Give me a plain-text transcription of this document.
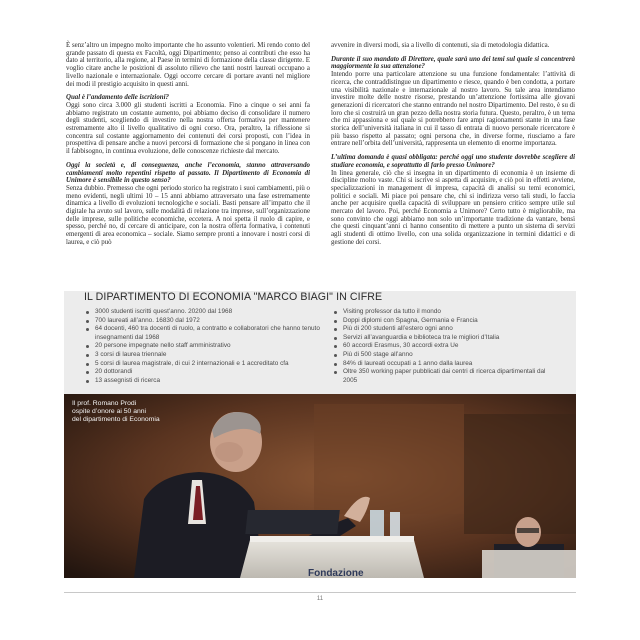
È senz’altro un impegno molto importante che ho assunto volentieri. Mi rendo conto del grande passato di questa ex Facoltà, oggi Dipartimento; penso ai contributi che esso ha dato al territorio, alla regione, al Paese in termini di formazione della classe dirigente. E voglio citare anche le posizioni di assoluto rilievo che tanti nostri laureati occupano a livello nazionale e internazionale. Oggi occorre cercare di portare avanti nel migliore dei modi il prestigio acquisito in questi anni.

Qual è l’andamento delle iscrizioni?

Oggi sono circa 3.000 gli studenti iscritti a Economia. Fino a cinque o sei anni fa abbiamo registrato un costante aumento, poi abbiamo deciso di consolidare il numero degli studenti, scegliendo di investire nella nostra offerta formativa per mantenere estremamente alto il livello qualitativo di ogni corso. Ora, peraltro, la riflessione si concentra sul costante aggiornamento dei contenuti dei corsi proposti, con l’idea in prospettiva di pensare anche a nuovi percorsi di formazione che si pongano in linea con il fabbisogno, in continua evoluzione, delle conoscenze richieste dal mercato.

Oggi la società e, di conseguenza, anche l’economia, stanno attraversando cambiamenti molto repentini rispetto al passato. Il Dipartimento di Economia di Unimore è sensibile in questo senso?

Senza dubbio. Premesso che ogni periodo storico ha registrato i suoi cambiamenti, più o meno evidenti, negli ultimi 10 – 15 anni abbiamo attraversato una fase estremamente dinamica a livello di evoluzioni tecnologiche e sociali. Basti pensare all’impatto che il digitale ha avuto sul lavoro, sulle modalità di relazione tra imprese, sull’organizzazione delle imprese, sulle politiche economiche, eccetera. A noi spetta il ruolo di capire, e spesso, perché no, di cercare di anticipare, con la nostra offerta formativa, i contenuti emergenti di area economica – sociale. Siamo sempre pronti a innovare i nostri corsi di laurea, e ciò può

avvenire in diversi modi, sia a livello di contenuti, sia di metodologia didattica.

Durante il suo mandato di Direttore, quale sarà uno dei temi sul quale si concentrerà maggiormente la sua attenzione?

Intendo porre una particolare attenzione su una funzione fondamentale: l’attività di ricerca, che contraddistingue un dipartimento e riesce, quando è ben condotta, a portare una visibilità nazionale e internazionale al nostro lavoro. Su tale area intendiamo investire molte delle nostre risorse, prestando un’attenzione fortissima alle giovani generazioni di ricercatori che stanno entrando nel nostro Dipartimento. Del resto, è su di loro che si costruirà un gran pezzo della nostra storia futura. Questo, peraltro, è un tema che mi appassiona e sul quale si potrebbero fare ampi ragionamenti stante in una fase storica dell’università italiana in cui il tasso di entrata di nuovo personale ricercatore è più basso rispetto al passato; ogni persona che, in diverse forme, riusciamo a fare entrare nell’orbita dell’università, rappresenta un elemento di enorme importanza.

L’ultima domanda è quasi obbligata: perché oggi uno studente dovrebbe scegliere di studiare economia, e soprattutto di farlo presso Unimore?

In linea generale, ciò che si insegna in un dipartimento di economia è un insieme di discipline molto vaste. Chi si iscrive si aspetta di acquisire, e ciò poi in effetti avviene, specializzazioni in management di impresa, capacità di analisi su temi economici, politici e sociali. Mi piace poi pensare che, chi si indirizza verso tali studi, lo faccia anche per acquisire quella capacità di sviluppare un pensiero critico sempre utile sul mercato del lavoro. Poi, perché Economia a Unimore? Certo tutto è migliorabile, ma sono convinto che oggi abbiamo non solo un’importante tradizione da vantare, bensì che questi cinquant’anni ci hanno consentito di mettere a punto un sistema di servizi agli studenti di ottimo livello, con una solida organizzazione in termini didattici e di gestione dei corsi.

IL DIPARTIMENTO DI ECONOMIA "MARCO BIAGI" IN CIFRE
3000 studenti iscritti quest’anno. 20200 dal 1968
700 laureati all’anno. 16830 dal 1972
64 docenti, 460 tra docenti di ruolo, a contratto e collaboratori che hanno tenuto insegnamenti dal 1968
20 persone impegnate nello staff amministrativo
3 corsi di laurea triennale
5 corsi di laurea magistrale, di cui 2 internazionali e 1 accreditato cfa
20 dottorandi
13 assegnisti di ricerca
Visiting professor da tutto il mondo
Doppi diplomi con Spagna, Germania e Francia
Più di 200 studenti all’estero ogni anno
Servizi all’avanguardia e biblioteca tra le migliori d’Italia
60 accordi Erasmus, 30 accordi extra Ue
Più di 500 stage all’anno
84% di laureati occupati a 1 anno dalla laurea
Oltre 350 working paper pubblicati dai centri di ricerca dipartimentali dal 2005
Fondazione
Il prof. Romano Prodi
ospite d’onore ai 50 anni
del dipartimento di Economia
11
